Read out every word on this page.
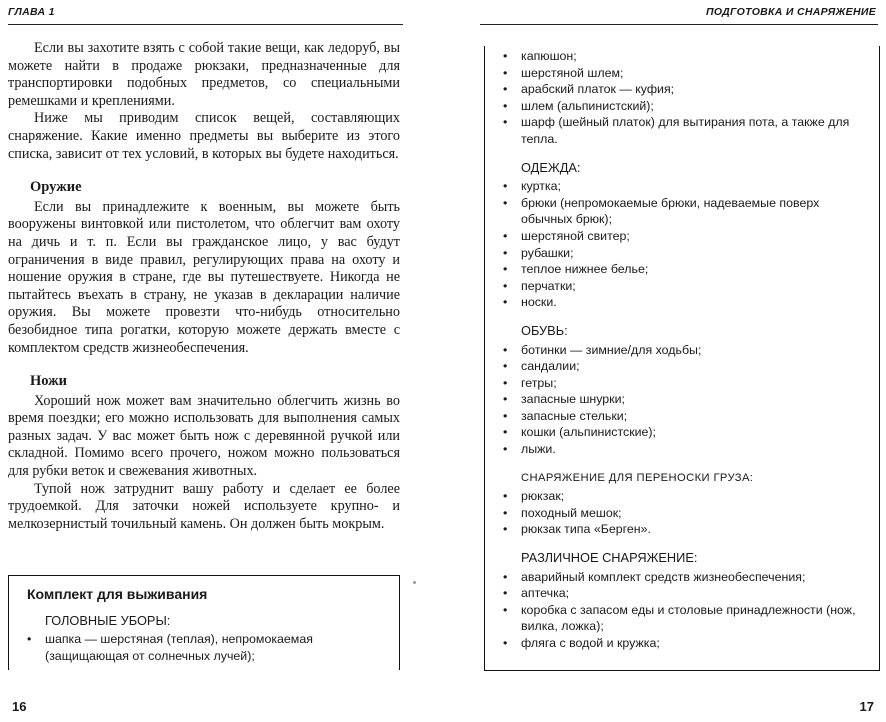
ГЛАВА 1	ПОДГОТОВКА И СНАРЯЖЕНИЕ

Если вы захотите взять с собой такие вещи, как ледоруб, вы можете найти в продаже рюкзаки, предназначенные для транспортировки подобных предметов, со специальными ремешками и креплениями.

Ниже мы приводим список вещей, составляющих снаряжение. Какие именно предметы вы выберите из этого списка, зависит от тех условий, в которых вы будете находиться.

Оружие

Если вы принадлежите к военным, вы можете быть вооружены винтовкой или пистолетом, что облегчит вам охоту на дичь и т. п. Если вы гражданское лицо, у вас будут ограничения в виде правил, регулирующих права на охоту и ношение оружия в стране, где вы путешествуете. Никогда не пытайтесь въехать в страну, не указав в декларации наличие оружия. Вы можете провезти что-нибудь относительно безобидное типа рогатки, которую можете держать вместе с комплектом средств жизнеобеспечения.

Ножи

Хороший нож может вам значительно облегчить жизнь во время поездки; его можно использовать для выполнения самых разных задач. У вас может быть нож с деревянной ручкой или складной. Помимо всего прочего, ножом можно пользоваться для рубки веток и свежевания животных.

Тупой нож затруднит вашу работу и сделает ее более трудоемкой. Для заточки ножей используете крупно- и мелкозернистый точильный камень. Он должен быть мокрым.

Комплект для выживания
ГОЛОВНЫЕ УБОРЫ:
• шапка — шерстяная (теплая), непромокаемая (защищающая от солнечных лучей);
• капюшон;
• шерстяной шлем;
• арабский платок — куфия;
• шлем (альпинистский);
• шарф (шейный платок) для вытирания пота, а также для тепла.
ОДЕЖДА:
• куртка;
• брюки (непромокаемые брюки, надеваемые поверх обычных брюк);
• шерстяной свитер;
• рубашки;
• теплое нижнее белье;
• перчатки;
• носки.
ОБУВЬ:
• ботинки — зимние/для ходьбы;
• сандалии;
• гетры;
• запасные шнурки;
• запасные стельки;
• кошки (альпинистские);
• лыжи.
СНАРЯЖЕНИЕ ДЛЯ ПЕРЕНОСКИ ГРУЗА:
• рюкзак;
• походный мешок;
• рюкзак типа «Берген».
РАЗЛИЧНОЕ СНАРЯЖЕНИЕ:
• аварийный комплект средств жизнеобеспечения;
• аптечка;
• коробка с запасом еды и столовые принадлежности (нож, вилка, ложка);
• фляга с водой и кружка;
16	17
